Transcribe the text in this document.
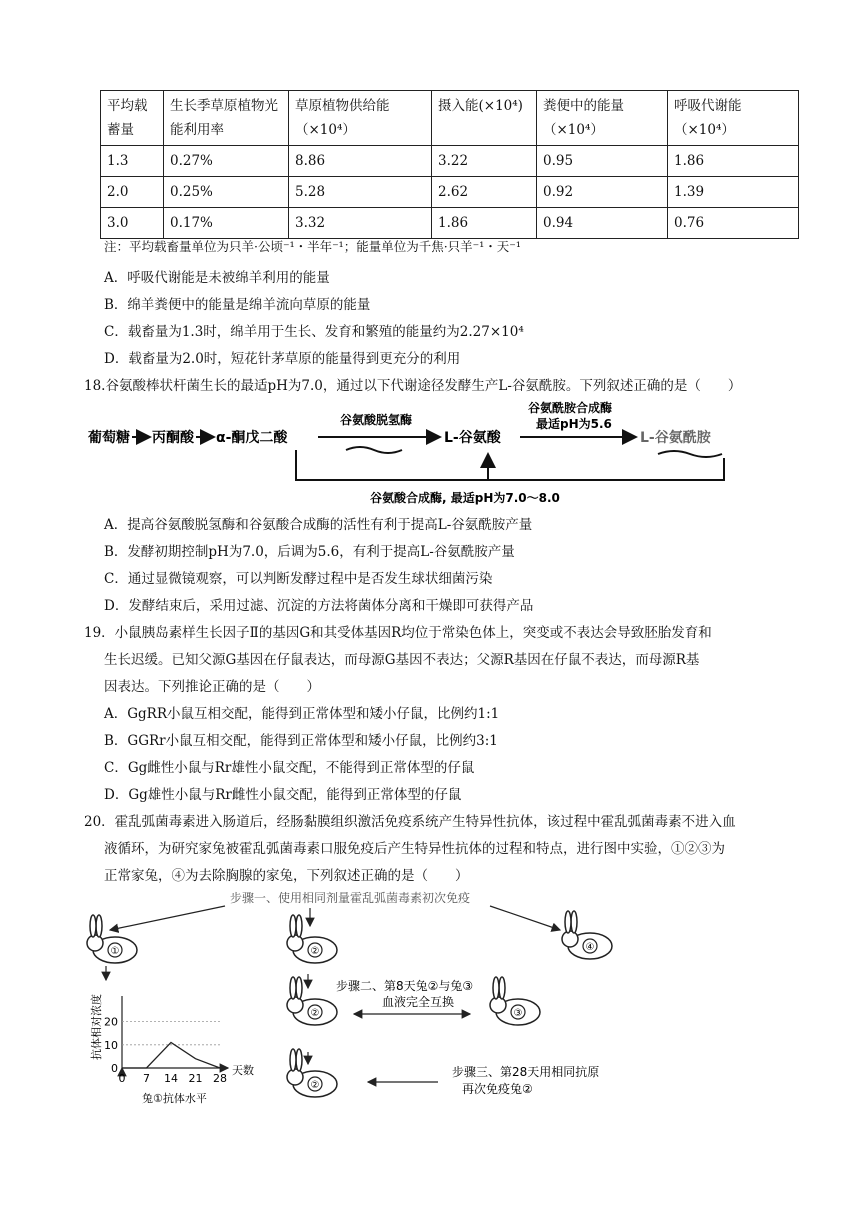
平均载蓄量	生长季草原植物光能利用率	草原植物供给能（×10⁴）	摄入能(×10⁴)	粪便中的能量（×10⁴）	呼吸代谢能（×10⁴）
1.3	0.27%	8.86	3.22	0.95	1.86
2.0	0.25%	5.28	2.62	0.92	1.39
3.0	0.17%	3.32	1.86	0.94	0.76
注：平均载畜量单位为只羊·公顷⁻¹・半年⁻¹；能量单位为千焦·只羊⁻¹・天⁻¹
A．呼吸代谢能是未被绵羊利用的能量
B．绵羊粪便中的能量是绵羊流向草原的能量
C．载畜量为1.3时，绵羊用于生长、发育和繁殖的能量约为2.27×10⁴
D．载畜量为2.0时，短花针茅草原的能量得到更充分的利用
18.谷氨酸棒状杆菌生长的最适pH为7.0，通过以下代谢途径发酵生产L-谷氨酰胺。下列叙述正确的是（　　）
葡萄糖 丙酮酸 α-酮戊二酸
谷氨酸脱氢酶
L-谷氨酸
谷氨酰胺合成酶
最适pH为5.6
L-谷氨酰胺
谷氨酸合成酶, 最适pH为7.0～8.0
A．提高谷氨酸脱氢酶和谷氨酸合成酶的活性有利于提高L-谷氨酰胺产量
B．发酵初期控制pH为7.0，后调为5.6，有利于提高L-谷氨酰胺产量
C．通过显微镜观察，可以判断发酵过程中是否发生球状细菌污染
D．发酵结束后，采用过滤、沉淀的方法将菌体分离和干燥即可获得产品
19．小鼠胰岛素样生长因子Ⅱ的基因G和其受体基因R均位于常染色体上，突变或不表达会导致胚胎发育和
生长迟缓。已知父源G基因在仔鼠表达，而母源G基因不表达；父源R基因在仔鼠不表达，而母源R基
因表达。下列推论正确的是（　　）
A．GgRR小鼠互相交配，能得到正常体型和矮小仔鼠，比例约1:1
B．GGRr小鼠互相交配，能得到正常体型和矮小仔鼠，比例约3:1
C．Gg雌性小鼠与Rr雄性小鼠交配，不能得到正常体型的仔鼠
D．Gg雄性小鼠与Rr雌性小鼠交配，能得到正常体型的仔鼠
20．霍乱弧菌毒素进入肠道后，经肠黏膜组织激活免疫系统产生特异性抗体，该过程中霍乱弧菌毒素不进入血
液循环，为研究家兔被霍乱弧菌毒素口服免疫后产生特异性抗体的过程和特点，进行图中实验，①②③为
正常家兔，④为去除胸腺的家兔，下列叙述正确的是（　　）
步骤一、使用相同剂量霍乱弧菌毒素初次免疫
①	②	④
②	③
步骤二、第8天兔②与兔③
血液完全互换
②
步骤三、第28天用相同抗原
再次免疫兔②
抗体相对浓度
天数
兔①抗体水平
0 7 14 21 28
0
10
20
